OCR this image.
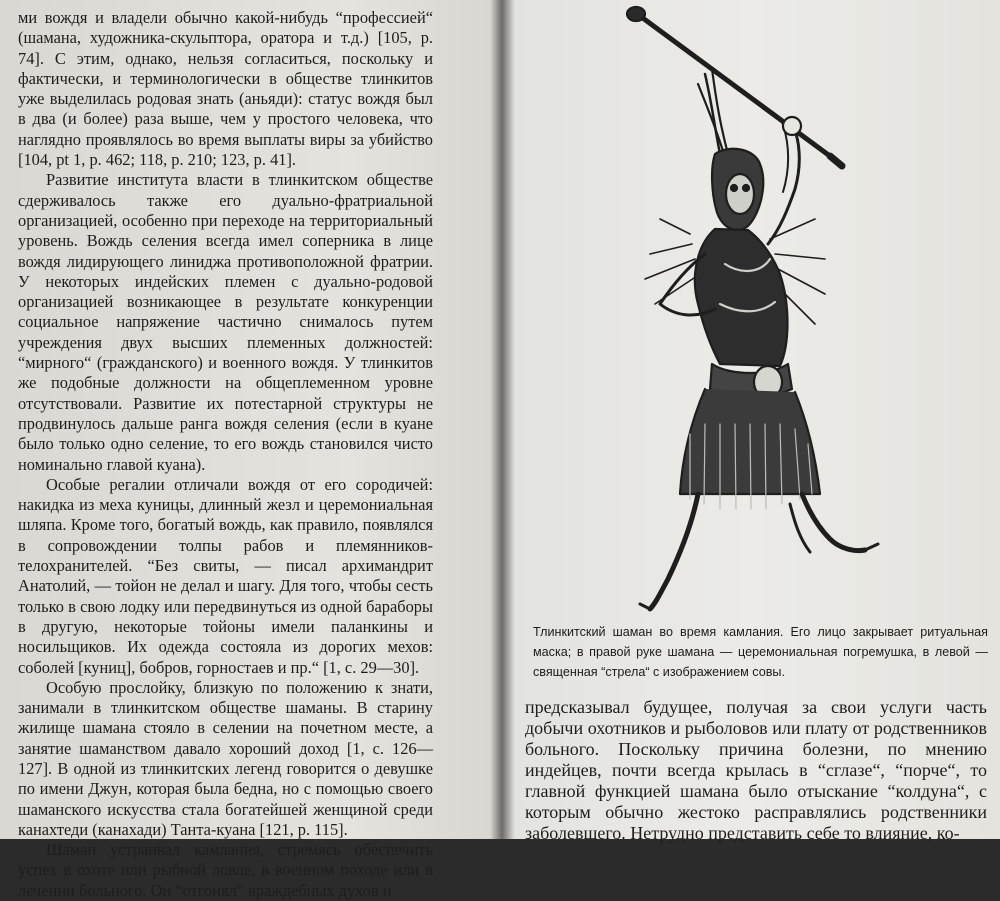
ми вождя и владели обычно какой-нибудь “профессией“ (шамана, художника-скульптора, оратора и т.д.) [105, р. 74]. С этим, однако, нельзя согласиться, поскольку и фактически, и терминологически в обществе тлинкитов уже выделилась родовая знать (аньяди): статус вождя был в два (и более) раза выше, чем у простого человека, что наглядно проявлялось во время выплаты виры за убийство [104, pt 1, p. 462; 118, p. 210; 123, p. 41].

Развитие института власти в тлинкитском обществе сдерживалось также его дуально-фратриальной организацией, особенно при переходе на территориальный уровень. Вождь селения всегда имел соперника в лице вождя лидирующего линиджа противоположной фратрии. У некоторых индейских племен с дуально-родовой организацией возникающее в результате конкуренции социальное напряжение частично снималось путем учреждения двух высших племенных должностей: “мирного“ (гражданского) и военного вождя. У тлинкитов же подобные должности на общеплеменном уровне отсутствовали. Развитие их потестарной структуры не продвинулось дальше ранга вождя селения (если в куане было только одно селение, то его вождь становился чисто номинально главой куана).

Особые регалии отличали вождя от его сородичей: накидка из меха куницы, длинный жезл и церемониальная шляпа. Кроме того, богатый вождь, как правило, появлялся в сопровождении толпы рабов и племянников-телохранителей. “Без свиты, — писал архимандрит Анатолий, — тойон не делал и шагу. Для того, чтобы сесть только в свою лодку или передвинуться из одной бараборы в другую, некоторые тойоны имели паланкины и носильщиков. Их одежда состояла из дорогих мехов: соболей [куниц], бобров, горностаев и пр.“ [1, с. 29—30].

Особую прослойку, близкую по положению к знати, занимали в тлинкитском обществе шаманы. В старину жилище шамана стояло в селении на почетном месте, а занятие шаманством давало хороший доход [1, с. 126—127]. В одной из тлинкитских легенд говорится о девушке по имени Джун, которая была бедна, но с помощью своего шаманского искусства стала богатейшей женщиной среди канахтеди (канахади) Танта-куана [121, p. 115].

Шаман устраивал камлания, стремясь обеспечить успех в охоте или рыбной ловле, в военном походе или в лечении больного. Он “отгонял“ враждебных духов и

Тлинкитский шаман во время камлания. Его лицо закрывает ритуальная маска; в правой руке шамана — церемониальная погремушка, в левой — священная “стрела“ с изображением совы.

предсказывал будущее, получая за свои услуги часть добычи охотников и рыболовов или плату от родственников больного. Поскольку причина болезни, по мнению индейцев, почти всегда крылась в “сглазе“, “порче“, то главной функцией шамана было отыскание “колдуна“, с которым обычно жестоко расправлялись родственники заболевшего. Нетрудно представить себе то влияние, ко-
